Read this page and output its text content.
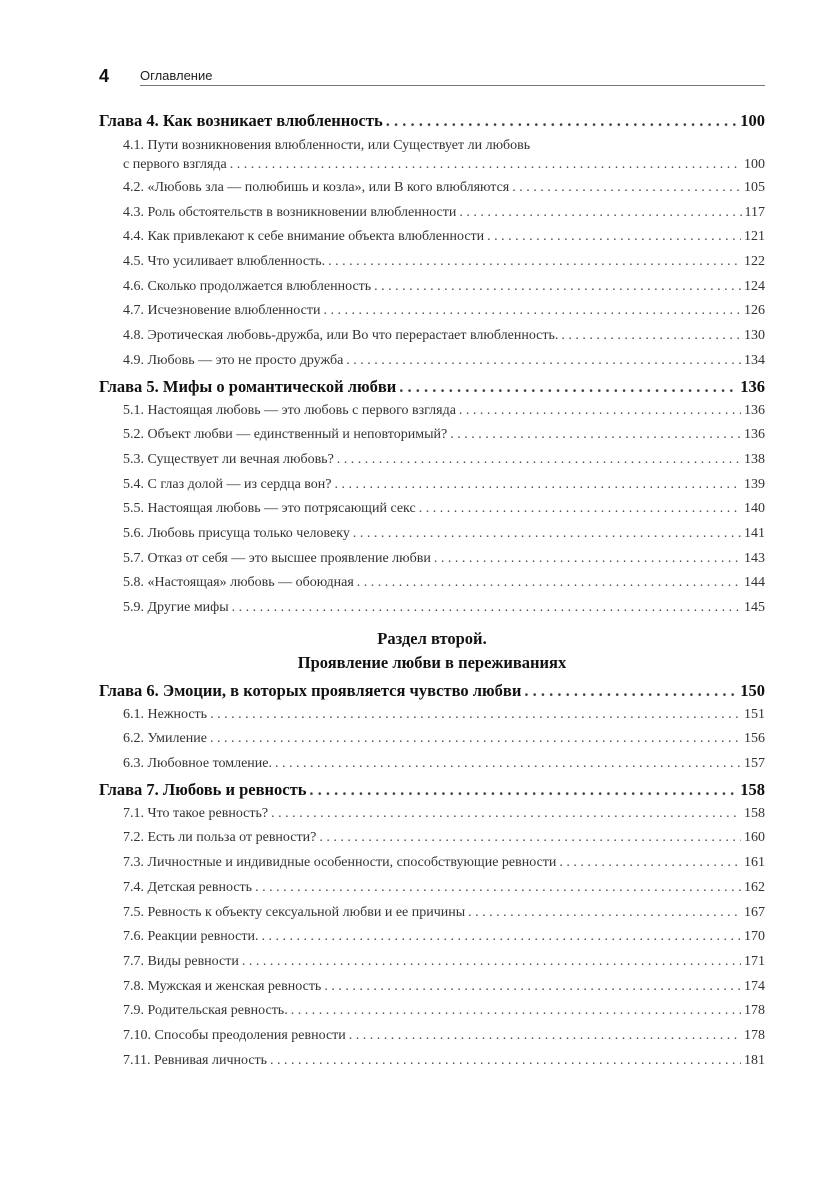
4 Оглавление
Глава 4. Как возникает влюбленность . . .	100
4.1. Пути возникновения влюбленности, или Существует ли любовь
с первого взгляда . . .	100
4.2. «Любовь зла — полюбишь и козла», или В кого влюбляются . . .	105
4.3. Роль обстоятельств в возникновении влюбленности . . .	117
4.4. Как привлекают к себе внимание объекта влюбленности . . .	121
4.5. Что усиливает влюбленность. . . .	122
4.6. Сколько продолжается влюбленность . . .	124
4.7. Исчезновение влюбленности . . .	126
4.8. Эротическая любовь-дружба, или Во что перерастает влюбленность. . . .	130
4.9. Любовь — это не просто дружба . . .	134
Глава 5. Мифы о романтической любви . . .	136
5.1. Настоящая любовь — это любовь с первого взгляда . . .	136
5.2. Объект любви — единственный и неповторимый? . . .	136
5.3. Существует ли вечная любовь? . . .	138
5.4. С глаз долой — из сердца вон? . . .	139
5.5. Настоящая любовь — это потрясающий секс . . .	140
5.6. Любовь присуща только человеку . . .	141
5.7. Отказ от себя — это высшее проявление любви . . .	143
5.8. «Настоящая» любовь — обоюдная . . .	144
5.9. Другие мифы . . .	145
Раздел второй.
Проявление любви в переживаниях
Глава 6. Эмоции, в которых проявляется чувство любви . . .	150
6.1. Нежность . . .	151
6.2. Умиление . . .	156
6.3. Любовное томление. . . .	157
Глава 7. Любовь и ревность . . .	158
7.1. Что такое ревность? . . .	158
7.2. Есть ли польза от ревности? . . .	160
7.3. Личностные и индивидные особенности, способствующие ревности . . .	161
7.4. Детская ревность . . .	162
7.5. Ревность к объекту сексуальной любви и ее причины . . .	167
7.6. Реакции ревности. . . .	170
7.7. Виды ревности . . .	171
7.8. Мужская и женская ревность . . .	174
7.9. Родительская ревность. . . .	178
7.10. Способы преодоления ревности . . .	178
7.11. Ревнивая личность . . .	181
